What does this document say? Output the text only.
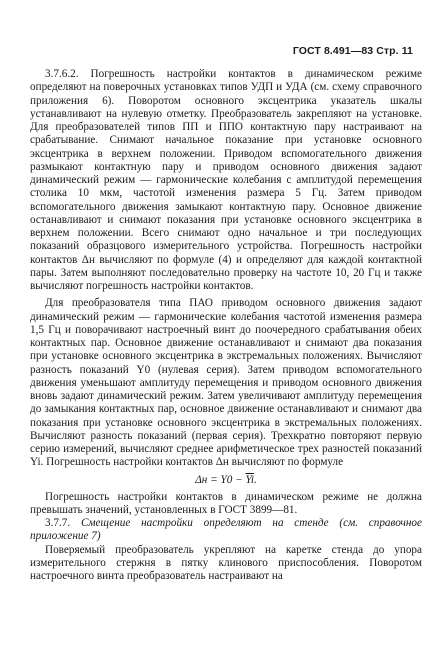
ГОСТ 8.491—83 Стр. 11

3.7.6.2. Погрешность настройки контактов в динамическом режиме определяют на поверочных установках типов УДП и УДА (см. схему справочного приложения 6). Поворотом основного эксцентрика указатель шкалы устанавливают на нулевую отметку. Преобразователь закрепляют на установке. Для преобразователей типов ПП и ППО контактную пару настраивают на срабатывание. Снимают начальное показание при установке основного эксцентрика в верхнем положении. Приводом вспомогательного движения размыкают контактную пару и приводом основного движения задают динамический режим — гармонические колебания с амплитудой перемещения столика 10 мкм, частотой изменения размера 5 Гц. Затем приводом вспомогательного движения замыкают контактную пару. Основное движение останавливают и снимают показания при установке основного эксцентрика в верхнем положении. Всего снимают одно начальное и три последующих показаний образцового измерительного устройства. Погрешность настройки контактов Δн вычисляют по формуле (4) и определяют для каждой контактной пары. Затем выполняют последовательно проверку на частоте 10, 20 Гц и также вычисляют погрешность настройки контактов.

Для преобразователя типа ПАО приводом основного движения задают динамический режим — гармонические колебания частотой изменения размера 1,5 Гц и поворачивают настроечный винт до поочередного срабатывания обеих контактных пар. Основное движение останавливают и снимают два показания при установке основного эксцентрика в экстремальных положениях. Вычисляют разность показаний Y0 (нулевая серия). Затем приводом вспомогательного движения уменьшают амплитуду перемещения и приводом основного движения вновь задают динамический режим. Затем увеличивают амплитуду перемещения до замыкания контактных пар, основное движение останавливают и снимают два показания при установке основного эксцентрика в экстремальных положениях. Вычисляют разность показаний (первая серия). Трехкратно повторяют первую серию измерений, вычисляют среднее арифметическое трех разностей показаний Yi. Погрешность настройки контактов Δн вычисляют по формуле

$\Delta н = Y0 - \overline{Yi}$.

Погрешность настройки контактов в динамическом режиме не должна превышать значений, установленных в ГОСТ 3899—81.

3.7.7. Смещение настройки определяют на стенде (см. справочное приложение 7)

Поверяемый преобразователь укрепляют на каретке стенда до упора измерительного стержня в пятку клинового приспособления. Поворотом настроечного винта преобразователь настраивают на
